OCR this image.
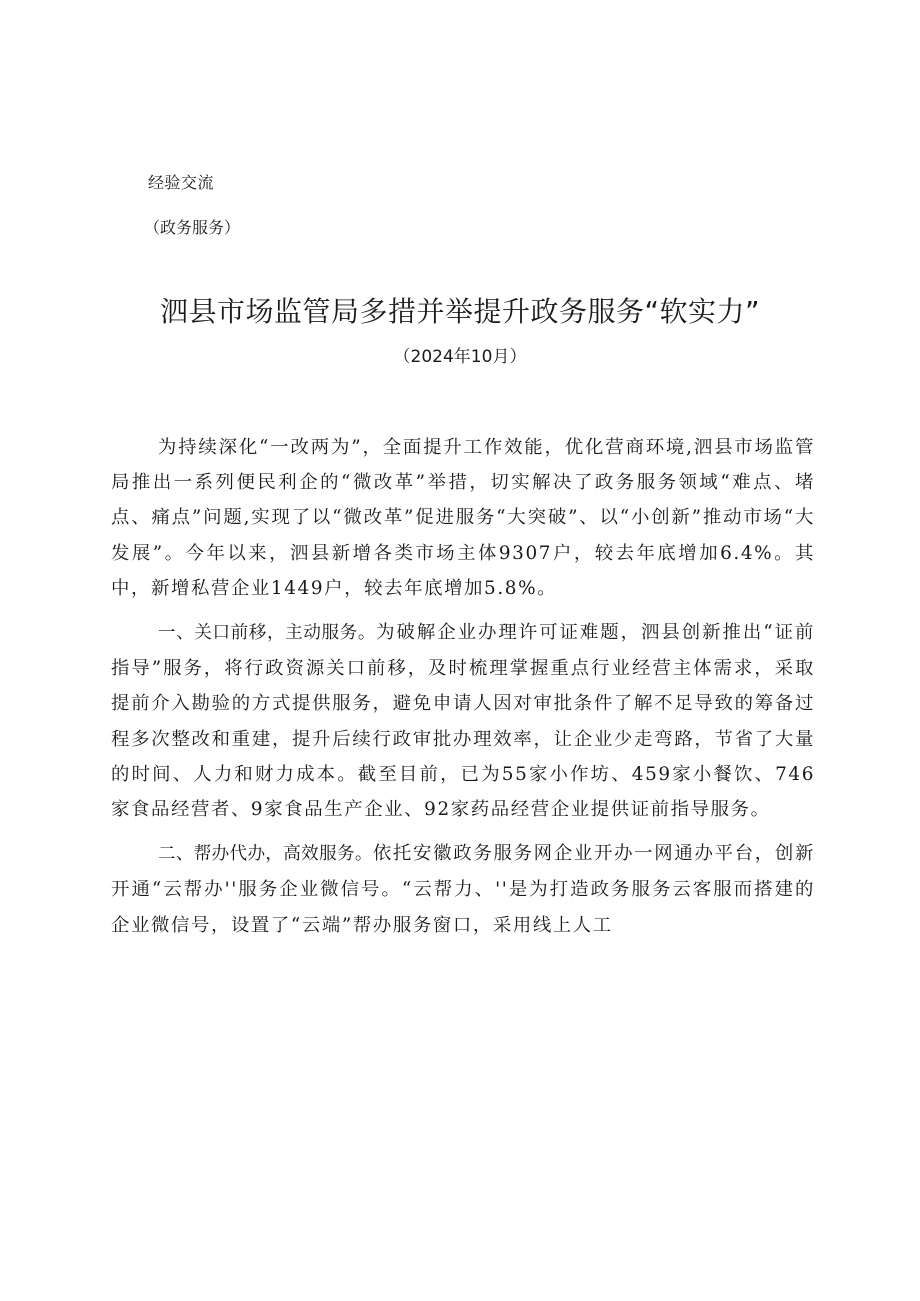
经验交流
（政务服务）
泗县市场监管局多措并举提升政务服务“软实力”
（2024年10月）

为持续深化“一改两为”，全面提升工作效能，优化营商环境,泗县市场监管局推出一系列便民利企的“微改革”举措，切实解决了政务服务领域“难点、堵点、痛点”问题,实现了以“微改革”促进服务“大突破”、以“小创新”推动市场“大发展”。今年以来，泗县新增各类市场主体9307户，较去年底增加6.4%。其中，新增私营企业1449户，较去年底增加5.8%。

一、关口前移，主动服务。为破解企业办理许可证难题，泗县创新推出“证前指导”服务，将行政资源关口前移，及时梳理掌握重点行业经营主体需求，采取提前介入勘验的方式提供服务，避免申请人因对审批条件了解不足导致的筹备过程多次整改和重建，提升后续行政审批办理效率，让企业少走弯路，节省了大量的时间、人力和财力成本。截至目前，已为55家小作坊、459家小餐饮、746家食品经营者、9家食品生产企业、92家药品经营企业提供证前指导服务。

二、帮办代办，高效服务。依托安徽政务服务网企业开办一网通办平台，创新开通“云帮办''服务企业微信号。“云帮力、''是为打造政务服务云客服而搭建的企业微信号，设置了“云端”帮办服务窗口，采用线上人工
